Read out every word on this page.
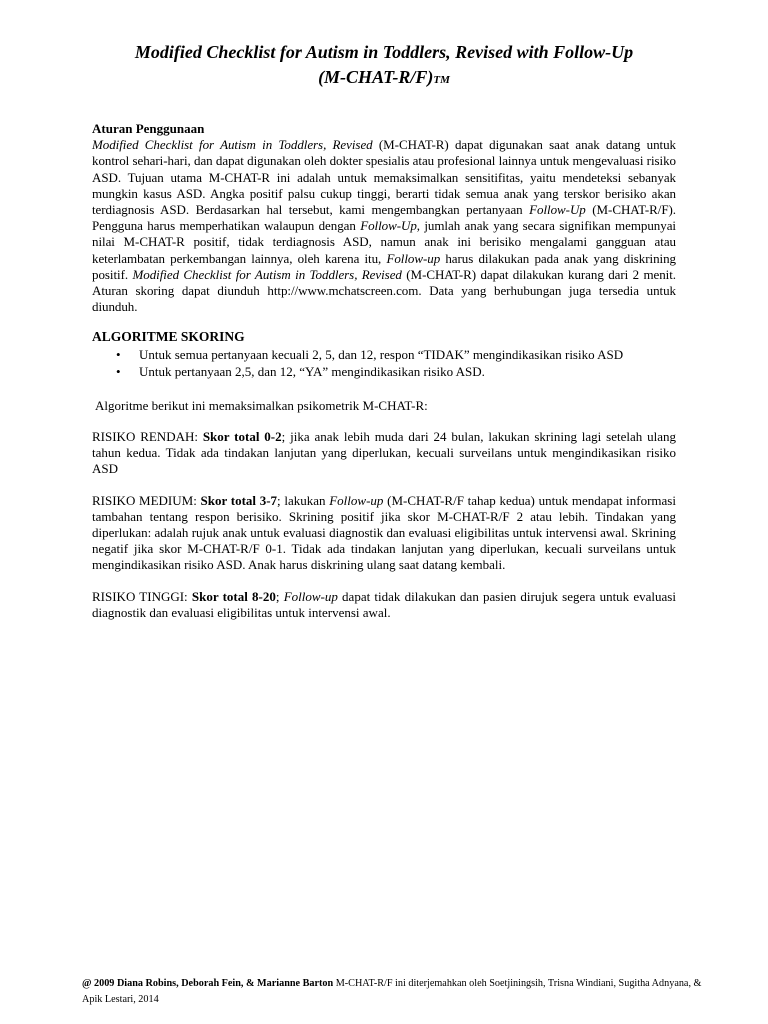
Modified Checklist for Autism in Toddlers, Revised with Follow-Up
(M-CHAT-R/F)TM
Aturan Penggunaan

Modified Checklist for Autism in Toddlers, Revised (M-CHAT-R) dapat digunakan saat anak datang untuk kontrol sehari-hari, dan dapat digunakan oleh dokter spesialis atau profesional lainnya untuk mengevaluasi risiko ASD. Tujuan utama M-CHAT-R ini adalah untuk memaksimalkan sensitifitas, yaitu mendeteksi sebanyak mungkin kasus ASD. Angka positif palsu cukup tinggi, berarti tidak semua anak yang terskor berisiko akan terdiagnosis ASD. Berdasarkan hal tersebut, kami mengembangkan pertanyaan Follow-Up (M-CHAT-R/F). Pengguna harus memperhatikan walaupun dengan Follow-Up, jumlah anak yang secara signifikan mempunyai nilai M-CHAT-R positif, tidak terdiagnosis ASD, namun anak ini berisiko mengalami gangguan atau keterlambatan perkembangan lainnya, oleh karena itu, Follow-up harus dilakukan pada anak yang diskrining positif. Modified Checklist for Autism in Toddlers, Revised (M-CHAT-R) dapat dilakukan kurang dari 2 menit. Aturan skoring dapat diunduh http://www.mchatscreen.com. Data yang berhubungan juga tersedia untuk diunduh.

ALGORITME SKORING
• Untuk semua pertanyaan kecuali 2, 5, dan 12, respon “TIDAK” mengindikasikan risiko ASD
• Untuk pertanyaan 2,5, dan 12, “YA” mengindikasikan risiko ASD.
Algoritme berikut ini memaksimalkan psikometrik M-CHAT-R:

RISIKO RENDAH: Skor total 0-2; jika anak lebih muda dari 24 bulan, lakukan skrining lagi setelah ulang tahun kedua. Tidak ada tindakan lanjutan yang diperlukan, kecuali surveilans untuk mengindikasikan risiko ASD

RISIKO MEDIUM: Skor total 3-7; lakukan Follow-up (M-CHAT-R/F tahap kedua) untuk mendapat informasi tambahan tentang respon berisiko. Skrining positif jika skor M-CHAT-R/F 2 atau lebih. Tindakan yang diperlukan: adalah rujuk anak untuk evaluasi diagnostik dan evaluasi eligibilitas untuk intervensi awal. Skrining negatif jika skor M-CHAT-R/F 0-1. Tidak ada tindakan lanjutan yang diperlukan, kecuali surveilans untuk mengindikasikan risiko ASD. Anak harus diskrining ulang saat datang kembali.

RISIKO TINGGI: Skor total 8-20; Follow-up dapat tidak dilakukan dan pasien dirujuk segera untuk evaluasi diagnostik dan evaluasi eligibilitas untuk intervensi awal.

@ 2009 Diana Robins, Deborah Fein, & Marianne Barton M-CHAT-R/F ini diterjemahkan oleh Soetjiningsih, Trisna Windiani, Sugitha Adnyana, & Apik Lestari, 2014
